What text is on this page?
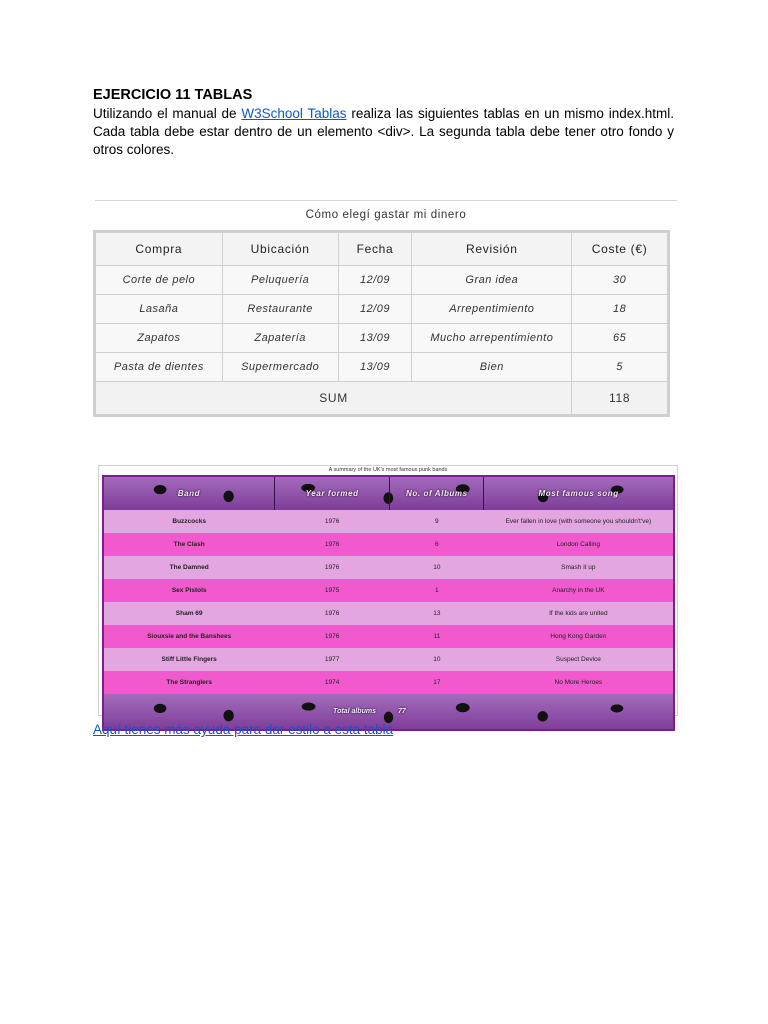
EJERCICIO 11 TABLAS

Utilizando el manual de W3School Tablas realiza las siguientes tablas en un mismo index.html. Cada tabla debe estar dentro de un elemento <div>. La segunda tabla debe tener otro fondo y otros colores.

Cómo elegí gastar mi dinero
Compra	Ubicación	Fecha	Revisión	Coste (€)
Corte de pelo	Peluquería	12/09	Gran idea	30
Lasaña	Restaurante	12/09	Arrepentimiento	18
Zapatos	Zapatería	13/09	Mucho arrepentimiento	65
Pasta de dientes	Supermercado	13/09	Bien	5
SUM				118
A summary of the UK's most famous punk bands
Band	Year formed	No. of Albums	Most famous song
Buzzcocks	1976	9	Ever fallen in love (with someone you shouldn't've)
The Clash	1976	6	London Calling
The Damned	1976	10	Smash it up
Sex Pistols	1975	1	Anarchy in the UK
Sham 69	1976	13	If the kids are united
Siouxsie and the Banshees	1976	11	Hong Kong Garden
Stiff Little Fingers	1977	10	Suspect Device
The Stranglers	1974	17	No More Heroes
Total albums		77	
Aquí tienes más ayuda para dar estilo a esta tabla
